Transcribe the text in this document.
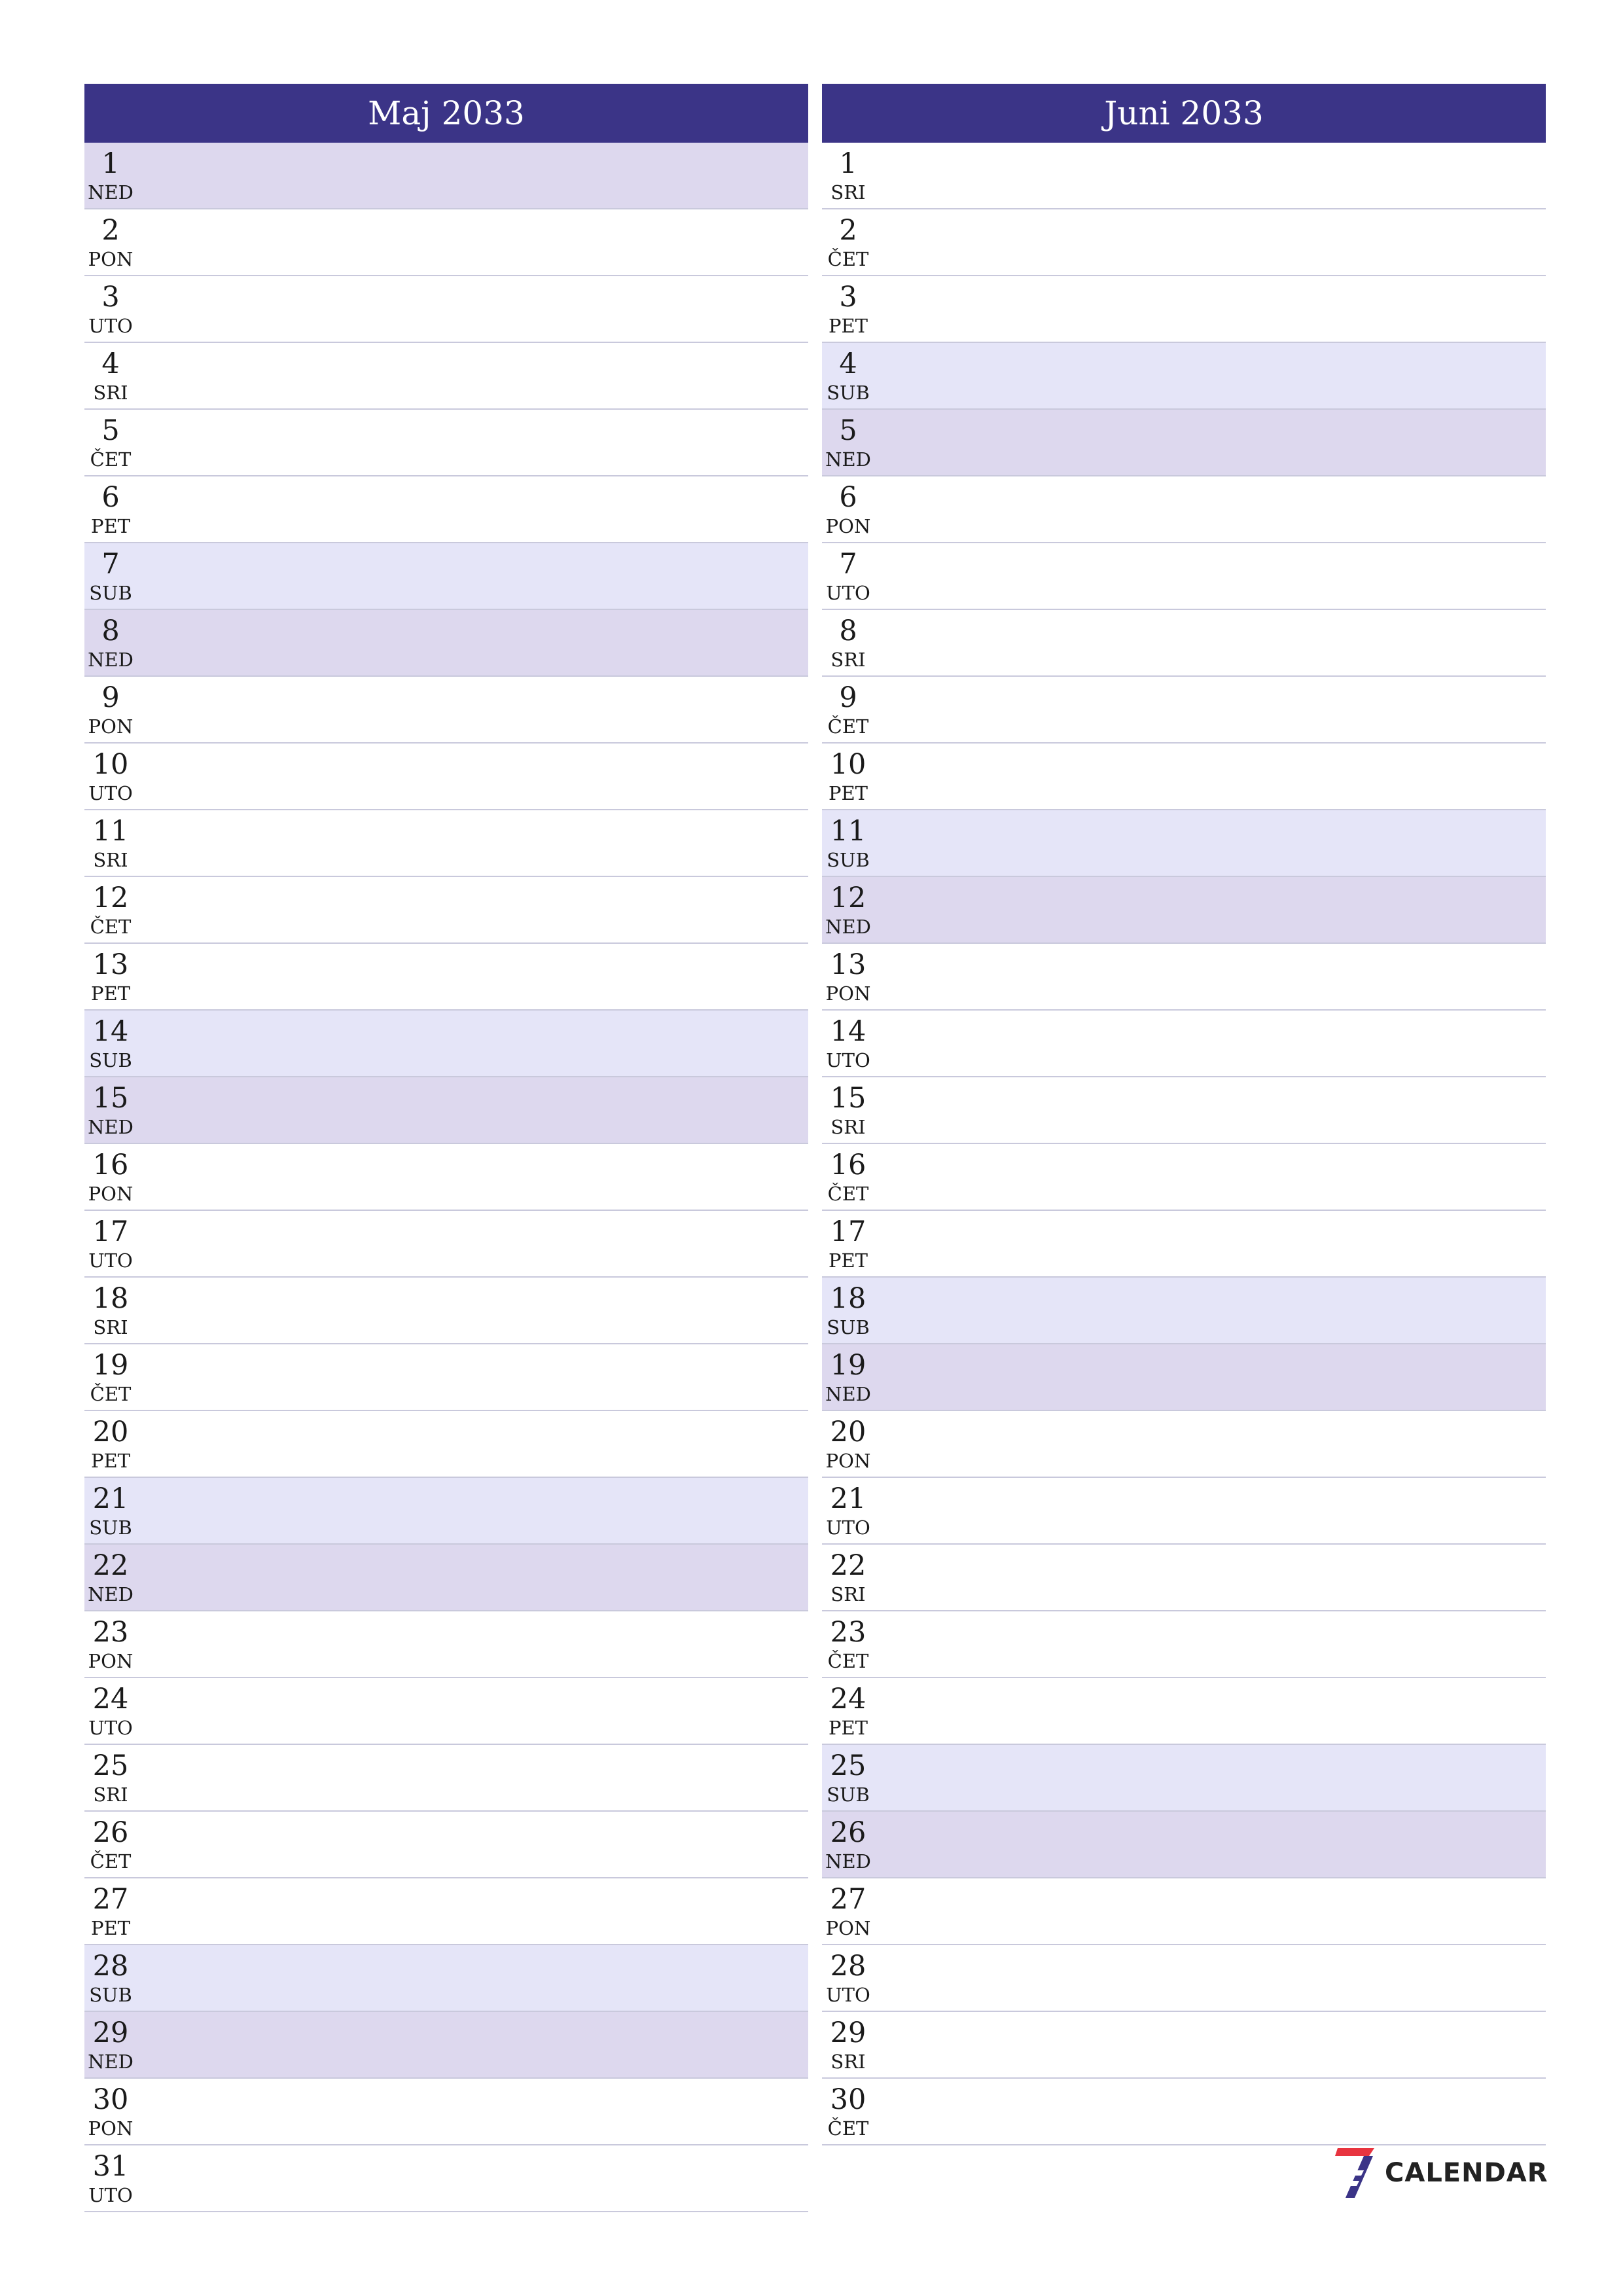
Maj 2033
1
NED
2
PON
3
UTO
4
SRI
5
ČET
6
PET
7
SUB
8
NED
9
PON
10
UTO
11
SRI
12
ČET
13
PET
14
SUB
15
NED
16
PON
17
UTO
18
SRI
19
ČET
20
PET
21
SUB
22
NED
23
PON
24
UTO
25
SRI
26
ČET
27
PET
28
SUB
29
NED
30
PON
31
UTO
Juni 2033
1
SRI
2
ČET
3
PET
4
SUB
5
NED
6
PON
7
UTO
8
SRI
9
ČET
10
PET
11
SUB
12
NED
13
PON
14
UTO
15
SRI
16
ČET
17
PET
18
SUB
19
NED
20
PON
21
UTO
22
SRI
23
ČET
24
PET
25
SUB
26
NED
27
PON
28
UTO
29
SRI
30
ČET
CALENDAR
